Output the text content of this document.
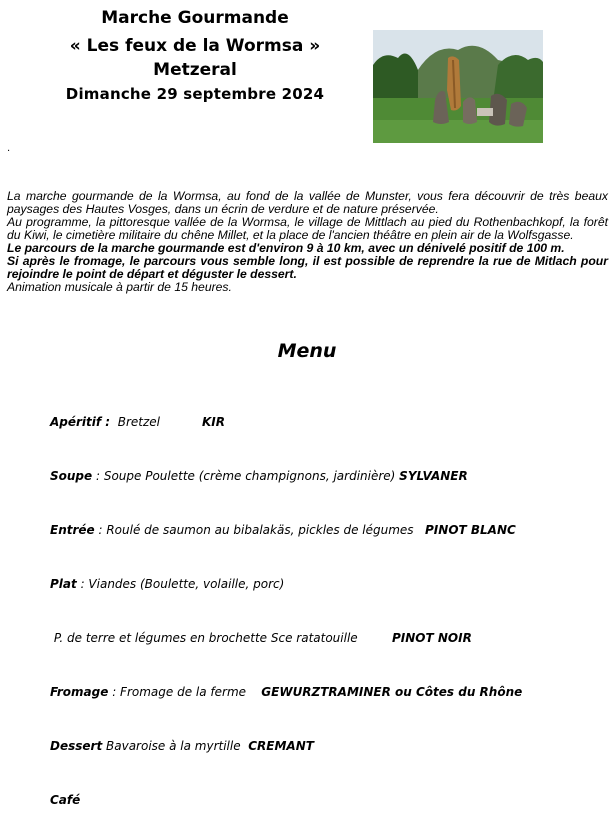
Marche Gourmande
« Les feux de la Wormsa »
Metzeral
Dimanche 29 septembre 2024
.

La marche gourmande de la Wormsa, au fond de la vallée de Munster, vous fera découvrir de très beaux paysages des Hautes Vosges, dans un écrin de verdure et de nature préservée.

Au programme, la pittoresque vallée de la Wormsa, le village de Mittlach au pied du Rothenbachkopf, la forêt du Kiwi, le cimetière militaire du chêne Millet, et la place de l'ancien théâtre en plein air de la Wolfsgasse.

Le parcours de la marche gourmande est d'environ 9 à 10 km, avec un dénivelé positif de 100 m.

Si après le fromage, le parcours vous semble long, il est possible de reprendre la rue de Mitlach pour rejoindre le point de départ et déguster le dessert.

Animation musicale à partir de 15 heures.

Menu

Apéritif :  Bretzel           KIR

Soupe : Soupe Poulette (crème champignons, jardinière) SYLVANER

Entrée : Roulé de saumon au bibalakäs, pickles de légumes   PINOT BLANC

Plat : Viandes (Boulette, volaille, porc)

P. de terre et légumes en brochette Sce ratatouille         PINOT NOIR

Fromage : Fromage de la ferme    GEWURZTRAMINER ou Côtes du Rhône

Dessert Bavaroise à la myrtille  CREMANT

Café
